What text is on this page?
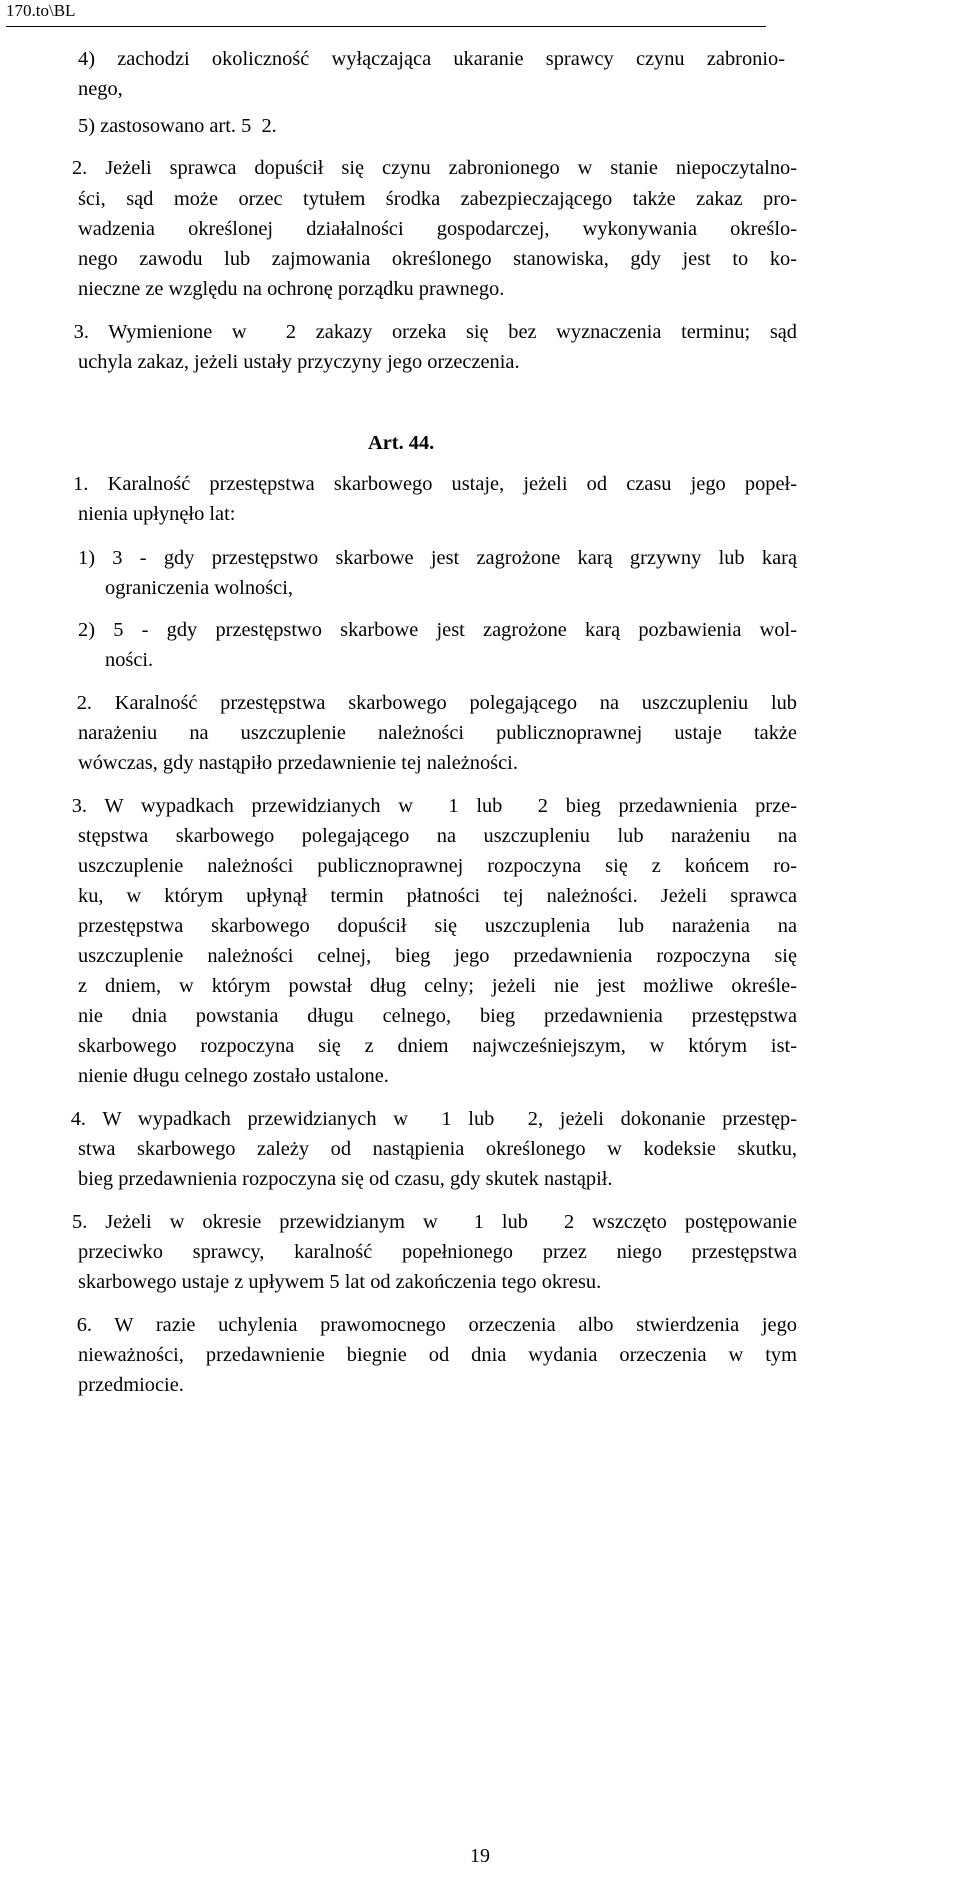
170.to\BL
4) zachodzi okoliczność wyłączająca ukaranie sprawcy czynu zabronio-
nego,
5) zastosowano art. 5  2.
2. Jeżeli sprawca dopuścił się czynu zabronionego w stanie niepoczytalno-
ści, sąd może orzec tytułem środka zabezpieczającego także zakaz pro-
wadzenia określonej działalności gospodarczej, wykonywania określo-
nego zawodu lub zajmowania określonego stanowiska, gdy jest to ko-
nieczne ze względu na ochronę porządku prawnego.
3. Wymienione w  2 zakazy orzeka się bez wyznaczenia terminu; sąd
uchyla zakaz, jeżeli ustały przyczyny jego orzeczenia.
Art. 44.
1. Karalność przestępstwa skarbowego ustaje, jeżeli od czasu jego popeł-
nienia upłynęło lat:
1) 3 - gdy przestępstwo skarbowe jest zagrożone karą grzywny lub karą
ograniczenia wolności,
2) 5 - gdy przestępstwo skarbowe jest zagrożone karą pozbawienia wol-
ności.
2. Karalność przestępstwa skarbowego polegającego na uszczupleniu lub
narażeniu na uszczuplenie należności publicznoprawnej ustaje także
wówczas, gdy nastąpiło przedawnienie tej należności.
3. W wypadkach przewidzianych w  1 lub  2 bieg przedawnienia prze-
stępstwa skarbowego polegającego na uszczupleniu lub narażeniu na
uszczuplenie należności publicznoprawnej rozpoczyna się z końcem ro-
ku, w którym upłynął termin płatności tej należności. Jeżeli sprawca
przestępstwa skarbowego dopuścił się uszczuplenia lub narażenia na
uszczuplenie należności celnej, bieg jego przedawnienia rozpoczyna się
z dniem, w którym powstał dług celny; jeżeli nie jest możliwe określe-
nie dnia powstania długu celnego, bieg przedawnienia przestępstwa
skarbowego rozpoczyna się z dniem najwcześniejszym, w którym ist-
nienie długu celnego zostało ustalone.
4. W wypadkach przewidzianych w  1 lub  2, jeżeli dokonanie przestęp-
stwa skarbowego zależy od nastąpienia określonego w kodeksie skutku,
bieg przedawnienia rozpoczyna się od czasu, gdy skutek nastąpił.
5. Jeżeli w okresie przewidzianym w  1 lub  2 wszczęto postępowanie
przeciwko sprawcy, karalność popełnionego przez niego przestępstwa
skarbowego ustaje z upływem 5 lat od zakończenia tego okresu.
6. W razie uchylenia prawomocnego orzeczenia albo stwierdzenia jego
nieważności, przedawnienie biegnie od dnia wydania orzeczenia w tym
przedmiocie.
19
